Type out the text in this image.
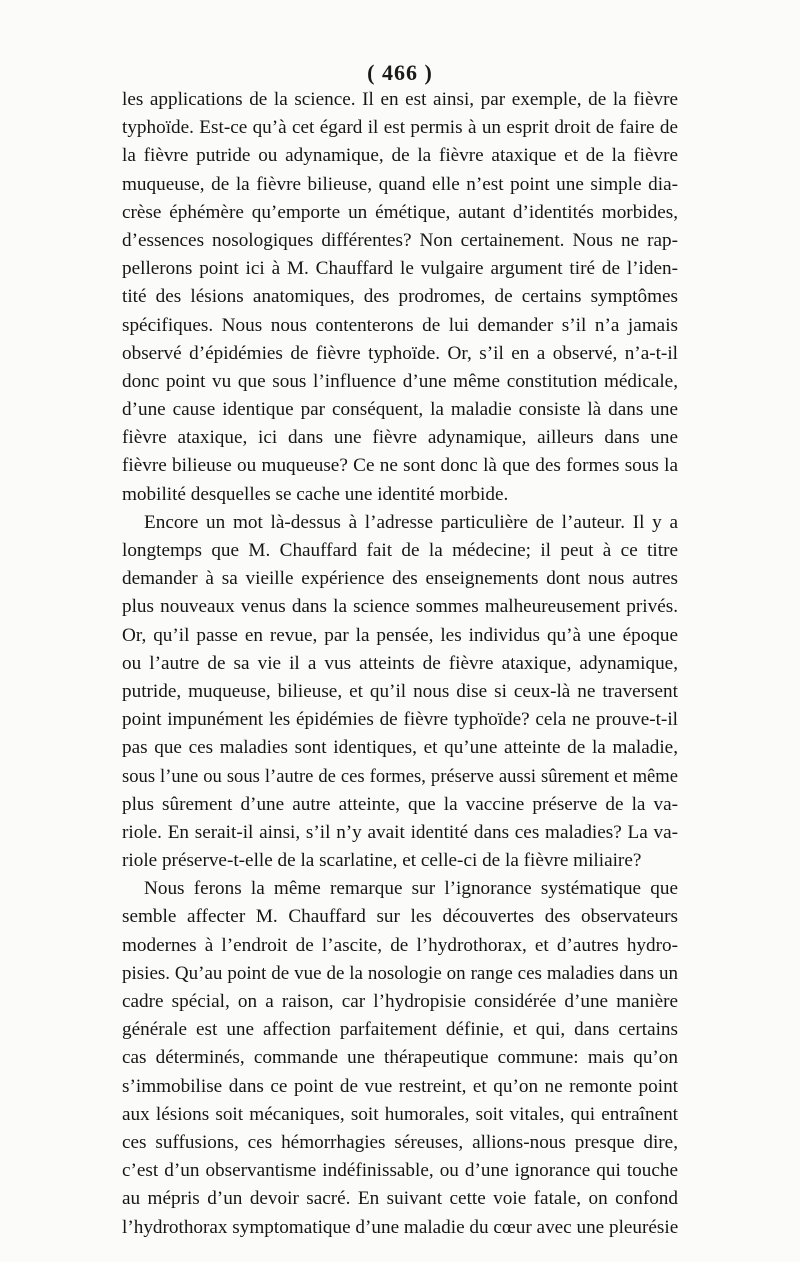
( 466 )
les applications de la science. Il en est ainsi, par exemple, de la fièvre
typhoïde. Est-ce qu’à cet égard il est permis à un esprit droit de faire de
la fièvre putride ou adynamique, de la fièvre ataxique et de la fièvre
muqueuse, de la fièvre bilieuse, quand elle n’est point une simple dia-
crèse éphémère qu’emporte un émétique, autant d’identités morbides,
d’essences nosologiques différentes? Non certainement. Nous ne rap-
pellerons point ici à M. Chauffard le vulgaire argument tiré de l’iden-
tité des lésions anatomiques, des prodromes, de certains symptômes
spécifiques. Nous nous contenterons de lui demander s’il n’a jamais
observé d’épidémies de fièvre typhoïde. Or, s’il en a observé, n’a-t-il
donc point vu que sous l’influence d’une même constitution médicale,
d’une cause identique par conséquent, la maladie consiste là dans une
fièvre ataxique, ici dans une fièvre adynamique, ailleurs dans une
fièvre bilieuse ou muqueuse? Ce ne sont donc là que des formes sous la
mobilité desquelles se cache une identité morbide.
Encore un mot là-dessus à l’adresse particulière de l’auteur. Il y a
longtemps que M. Chauffard fait de la médecine; il peut à ce titre
demander à sa vieille expérience des enseignements dont nous autres
plus nouveaux venus dans la science sommes malheureusement privés.
Or, qu’il passe en revue, par la pensée, les individus qu’à une époque
ou l’autre de sa vie il a vus atteints de fièvre ataxique, adynamique,
putride, muqueuse, bilieuse, et qu’il nous dise si ceux-là ne traversent
point impunément les épidémies de fièvre typhoïde? cela ne prouve-t-il
pas que ces maladies sont identiques, et qu’une atteinte de la maladie,
sous l’une ou sous l’autre de ces formes, préserve aussi sûrement et même
plus sûrement d’une autre atteinte, que la vaccine préserve de la va-
riole. En serait-il ainsi, s’il n’y avait identité dans ces maladies? La va-
riole préserve-t-elle de la scarlatine, et celle-ci de la fièvre miliaire?
Nous ferons la même remarque sur l’ignorance systématique que
semble affecter M. Chauffard sur les découvertes des observateurs
modernes à l’endroit de l’ascite, de l’hydrothorax, et d’autres hydro-
pisies. Qu’au point de vue de la nosologie on range ces maladies dans un
cadre spécial, on a raison, car l’hydropisie considérée d’une manière
générale est une affection parfaitement définie, et qui, dans certains
cas déterminés, commande une thérapeutique commune: mais qu’on
s’immobilise dans ce point de vue restreint, et qu’on ne remonte point
aux lésions soit mécaniques, soit humorales, soit vitales, qui entraînent
ces suffusions, ces hémorrhagies séreuses, allions-nous presque dire,
c’est d’un observantisme indéfinissable, ou d’une ignorance qui touche
au mépris d’un devoir sacré. En suivant cette voie fatale, on confond
l’hydrothorax symptomatique d’une maladie du cœur avec une pleurésie
